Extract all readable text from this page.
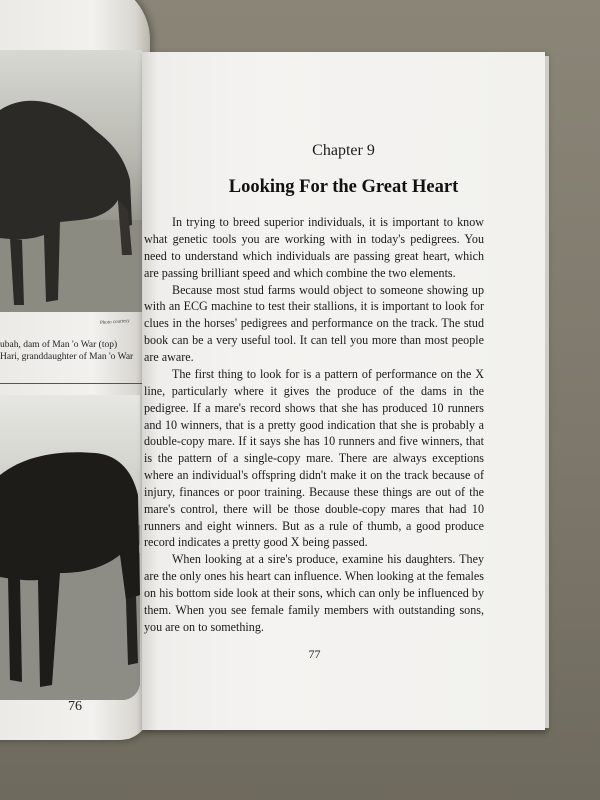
Photo courtesy
ubah, dam of Man 'o War (top)
Hari, granddaughter of Man 'o War
76
Chapter 9
Looking For the Great Heart

In trying to breed superior individuals, it is important to know what genetic tools you are working with in today's pedigrees. You need to understand which individuals are passing great heart, which are passing brilliant speed and which combine the two elements.

Because most stud farms would object to someone showing up with an ECG machine to test their stallions, it is important to look for clues in the horses' pedigrees and performance on the track. The stud book can be a very useful tool. It can tell you more than most people are aware.

The first thing to look for is a pattern of performance on the X line, particularly where it gives the produce of the dams in the pedigree. If a mare's record shows that she has produced 10 runners and 10 winners, that is a pretty good indication that she is probably a double-copy mare. If it says she has 10 runners and five winners, that is the pattern of a single-copy mare. There are always exceptions where an individual's offspring didn't make it on the track because of injury, finances or poor training. Because these things are out of the mare's control, there will be those double-copy mares that had 10 runners and eight winners. But as a rule of thumb, a good produce record indicates a pretty good X being passed.

When looking at a sire's produce, examine his daughters. They are the only ones his heart can influence. When looking at the females on his bottom side look at their sons, which can only be influenced by them. When you see female family members with outstanding sons, you are on to something.

77
